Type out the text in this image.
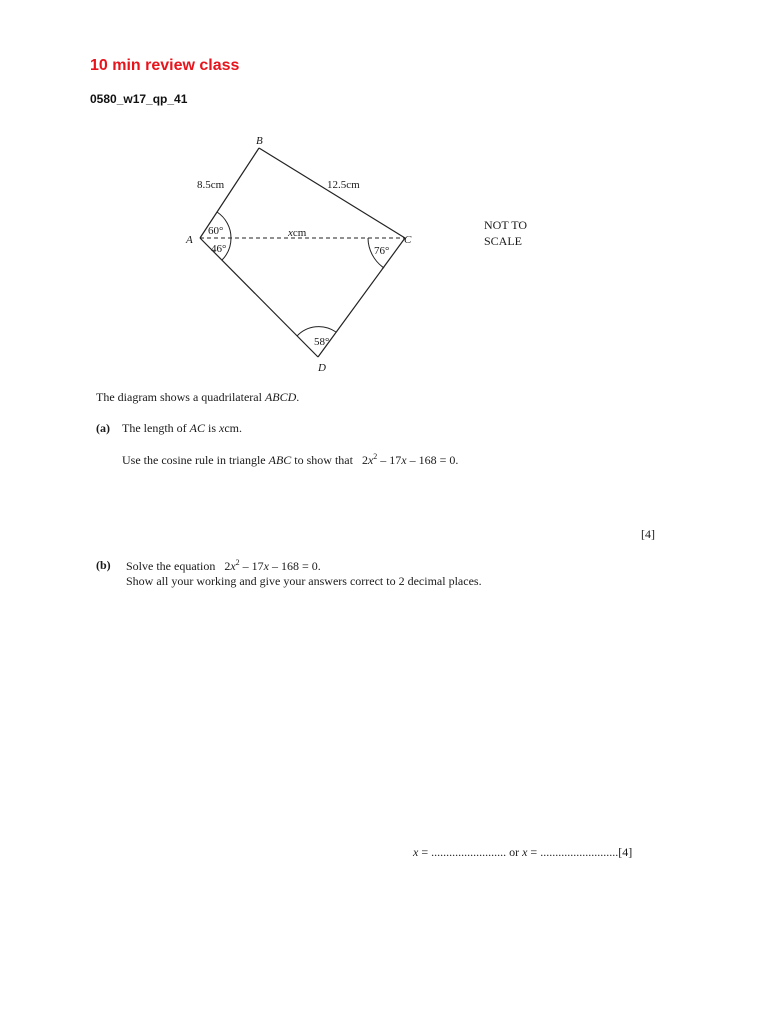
10 min review class
0580_w17_qp_41
B
A	C
D
8.5cm	12.5cm
xcm
60°
46°	76°
58°
NOT TO
SCALE
The diagram shows a quadrilateral ABCD.
(a) The length of AC is xcm.
Use the cosine rule in triangle ABC to show that $2x^2 - 17x - 168 = 0$.
[4]
(b) Solve the equation $2x^2 - 17x - 168 = 0$.
Show all your working and give your answers correct to 2 decimal places.
x = ......................... or x = ..........................[4]
